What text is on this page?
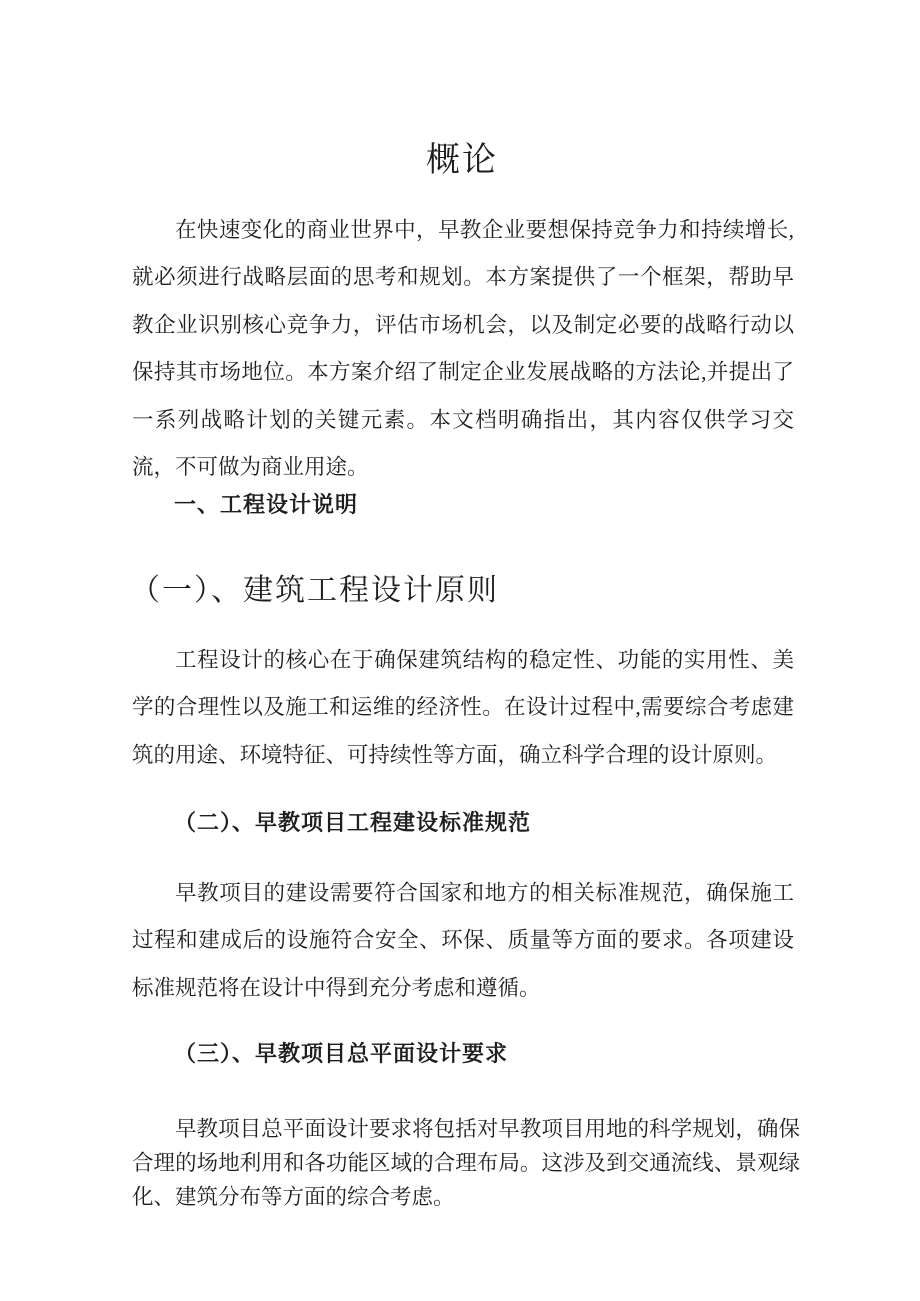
概论

在快速变化的商业世界中，早教企业要想保持竞争力和持续增长,就必须进行战略层面的思考和规划。本方案提供了一个框架，帮助早教企业识别核心竞争力，评估市场机会，以及制定必要的战略行动以保持其市场地位。本方案介绍了制定企业发展战略的方法论,并提出了一系列战略计划的关键元素。本文档明确指出，其内容仅供学习交流，不可做为商业用途。

一、工程设计说明
（一）、建筑工程设计原则

工程设计的核心在于确保建筑结构的稳定性、功能的实用性、美学的合理性以及施工和运维的经济性。在设计过程中,需要综合考虑建筑的用途、环境特征、可持续性等方面，确立科学合理的设计原则。

（二）、早教项目工程建设标准规范

早教项目的建设需要符合国家和地方的相关标准规范，确保施工过程和建成后的设施符合安全、环保、质量等方面的要求。各项建设标准规范将在设计中得到充分考虑和遵循。

（三）、早教项目总平面设计要求

早教项目总平面设计要求将包括对早教项目用地的科学规划，确保合理的场地利用和各功能区域的合理布局。这涉及到交通流线、景观绿化、建筑分布等方面的综合考虑。
